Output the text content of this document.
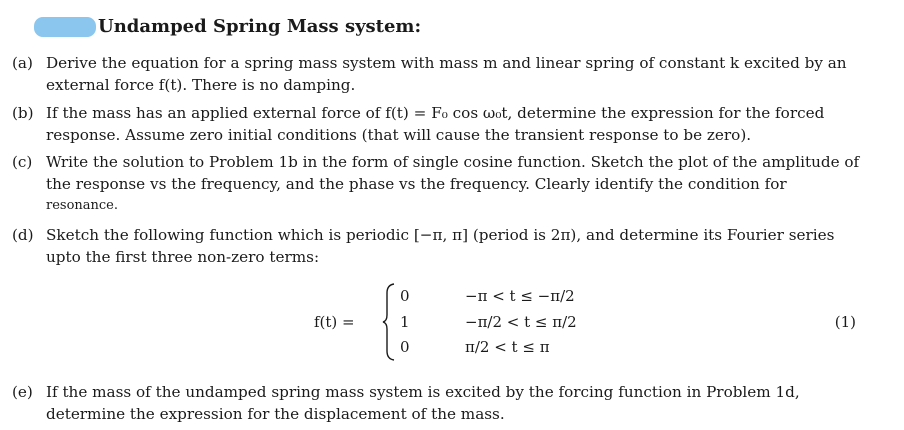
Undamped Spring Mass system:
(a) Derive the equation for a spring mass system with mass m and linear spring of constant k excited by an external force f(t). There is no damping.
(b) If the mass has an applied external force of f(t) = F₀ cos ω₀t, determine the expression for the forced response. Assume zero initial conditions (that will cause the transient response to be zero).
(c) Write the solution to Problem 1b in the form of single cosine function. Sketch the plot of the amplitude of the response vs the frequency, and the phase vs the frequency. Clearly identify the condition for
resonance.
(d) Sketch the following function which is periodic [−π, π] (period is 2π), and determine its Fourier series upto the first three non-zero terms:
f(t) =
0	−π < t ≤ −π/2
1	−π/2 < t ≤ π/2
0	π/2 < t ≤ π
(1)
(e) If the mass of the undamped spring mass system is excited by the forcing function in Problem 1d, determine the expression for the displacement of the mass.
